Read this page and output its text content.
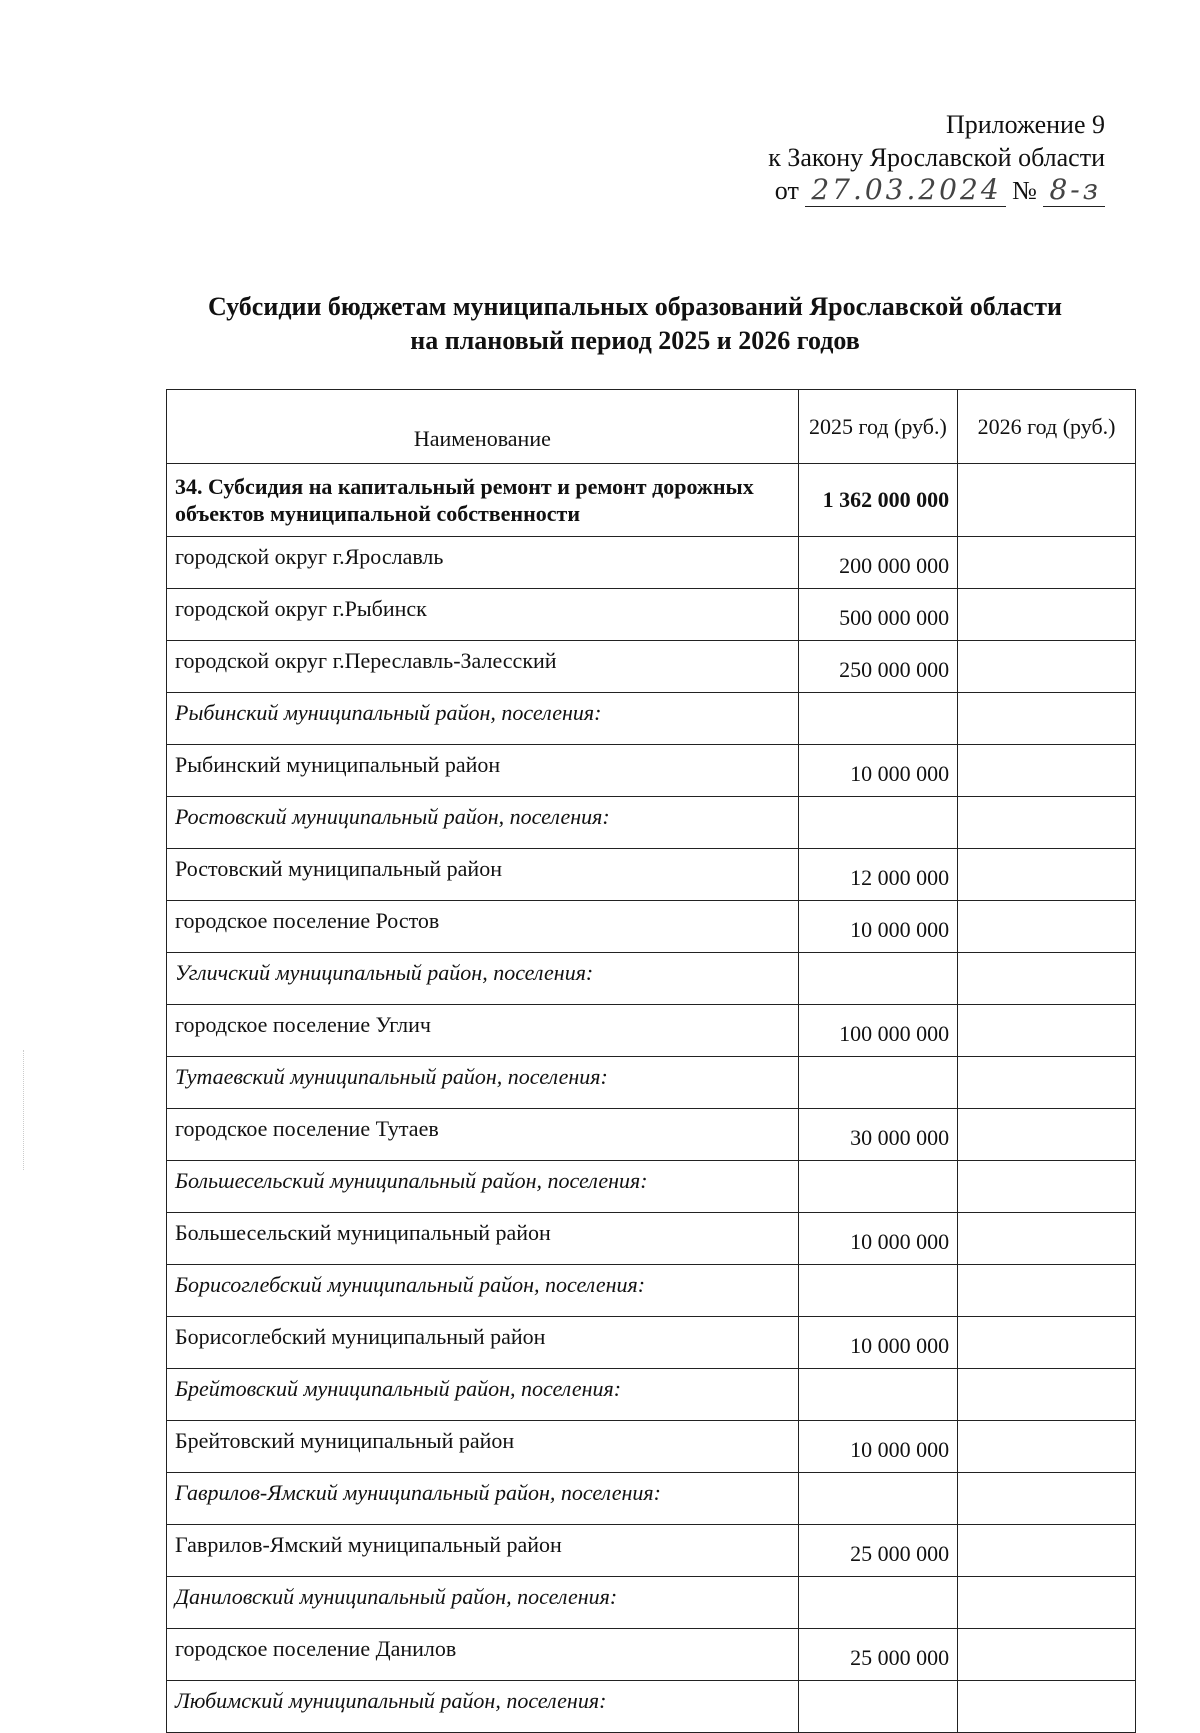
Приложение 9
к Закону Ярославской области
от 27.03.2024 № 8-з
Субсидии бюджетам муниципальных образований Ярославской области
на плановый период 2025 и 2026 годов
Наименование	2025 год (руб.)	2026 год (руб.)
34. Субсидия на капитальный ремонт и ремонт дорожных объектов муниципальной собственности	1 362 000 000	
городской округ г.Ярославль	200 000 000	
городской округ г.Рыбинск	500 000 000	
городской округ г.Переславль-Залесский	250 000 000	
Рыбинский муниципальный район, поселения:		
Рыбинский муниципальный район	10 000 000	
Ростовский муниципальный район, поселения:		
Ростовский муниципальный район	12 000 000	
городское поселение Ростов	10 000 000	
Угличский муниципальный район, поселения:		
городское поселение Углич	100 000 000	
Тутаевский муниципальный район, поселения:		
городское поселение Тутаев	30 000 000	
Большесельский муниципальный район, поселения:		
Большесельский муниципальный район	10 000 000	
Борисоглебский муниципальный район, поселения:		
Борисоглебский муниципальный район	10 000 000	
Брейтовский муниципальный район, поселения:		
Брейтовский муниципальный район	10 000 000	
Гаврилов-Ямский муниципальный район, поселения:		
Гаврилов-Ямский муниципальный район	25 000 000	
Даниловский муниципальный район, поселения:		
городское поселение Данилов	25 000 000	
Любимский муниципальный район, поселения:		
